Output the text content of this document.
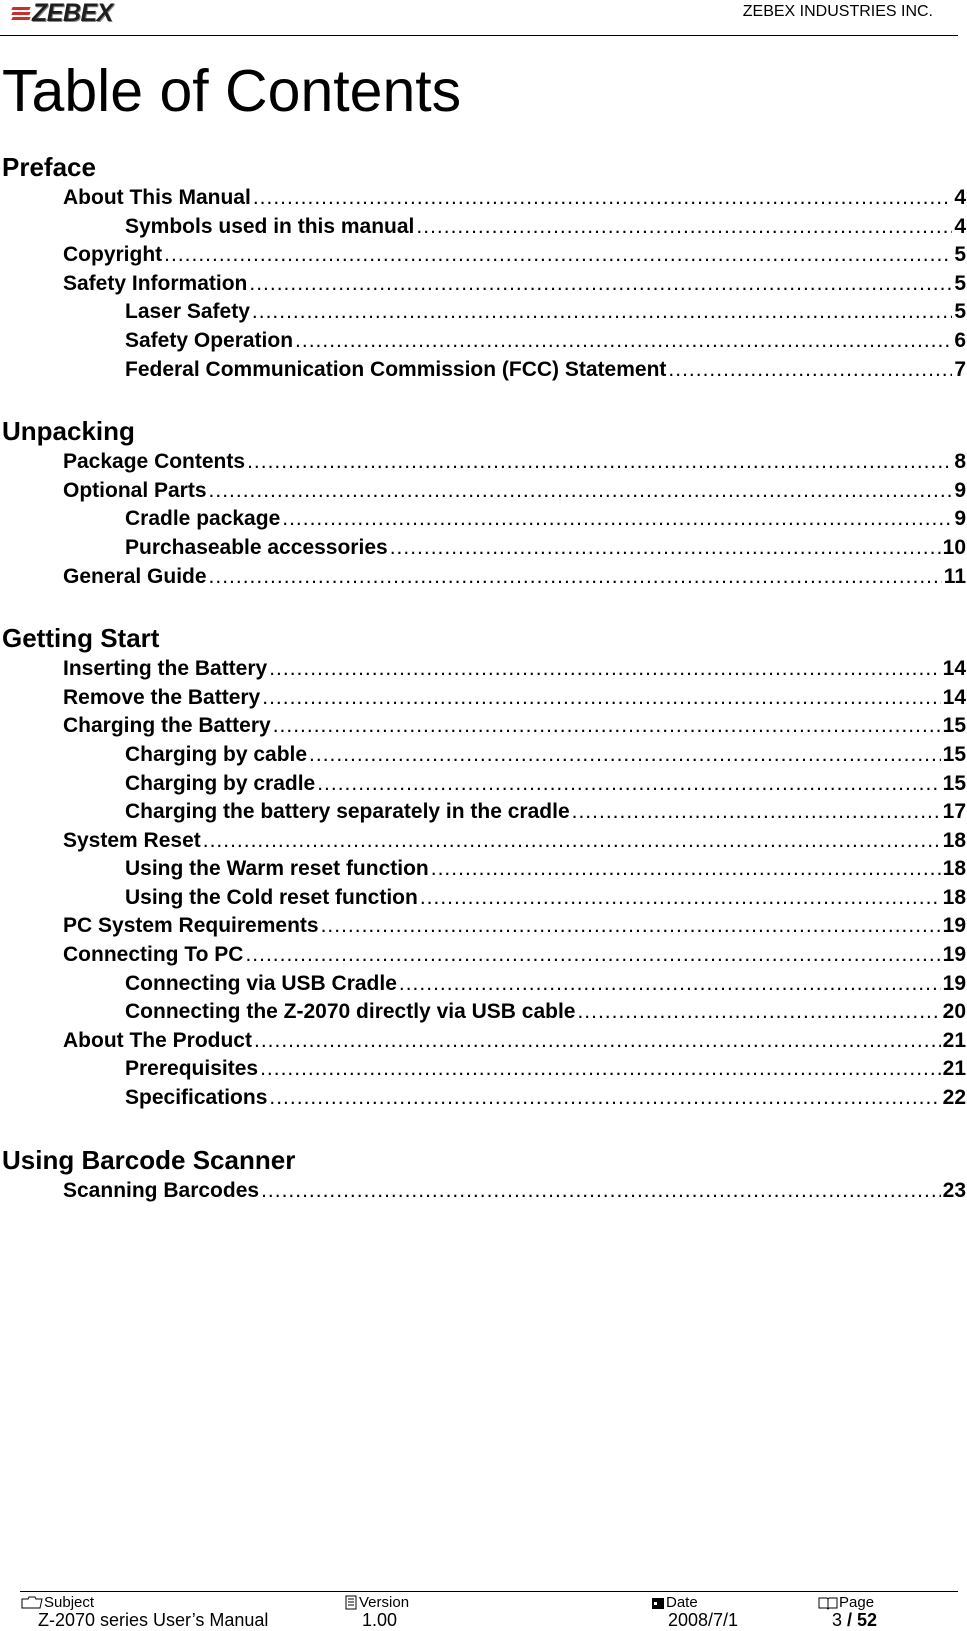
ZEBEX	ZEBEX INDUSTRIES INC.
Table of Contents
Preface
About This Manual .....	4
Symbols used in this manual .....	4
Copyright .....	5
Safety Information .....	5
Laser Safety .....	5
Safety Operation .....	6
Federal Communication Commission (FCC) Statement .....	7
Unpacking
Package Contents .....	8
Optional Parts .....	9
Cradle package .....	9
Purchaseable accessories .....	10
General Guide .....	11
Getting Start
Inserting the Battery .....	14
Remove the Battery .....	14
Charging the Battery .....	15
Charging by cable .....	15
Charging by cradle .....	15
Charging the battery separately in the cradle .....	17
System Reset .....	18
Using the Warm reset function .....	18
Using the Cold reset function .....	18
PC System Requirements .....	19
Connecting To PC .....	19
Connecting via USB Cradle .....	19
Connecting the Z-2070 directly via USB cable .....	20
About The Product .....	21
Prerequisites .....	21
Specifications .....	22
Using Barcode Scanner
Scanning Barcodes .....	23
Subject
Z-2070 series User’s Manual
Version
1.00
Date
2008/7/1
Page
3 / 52
